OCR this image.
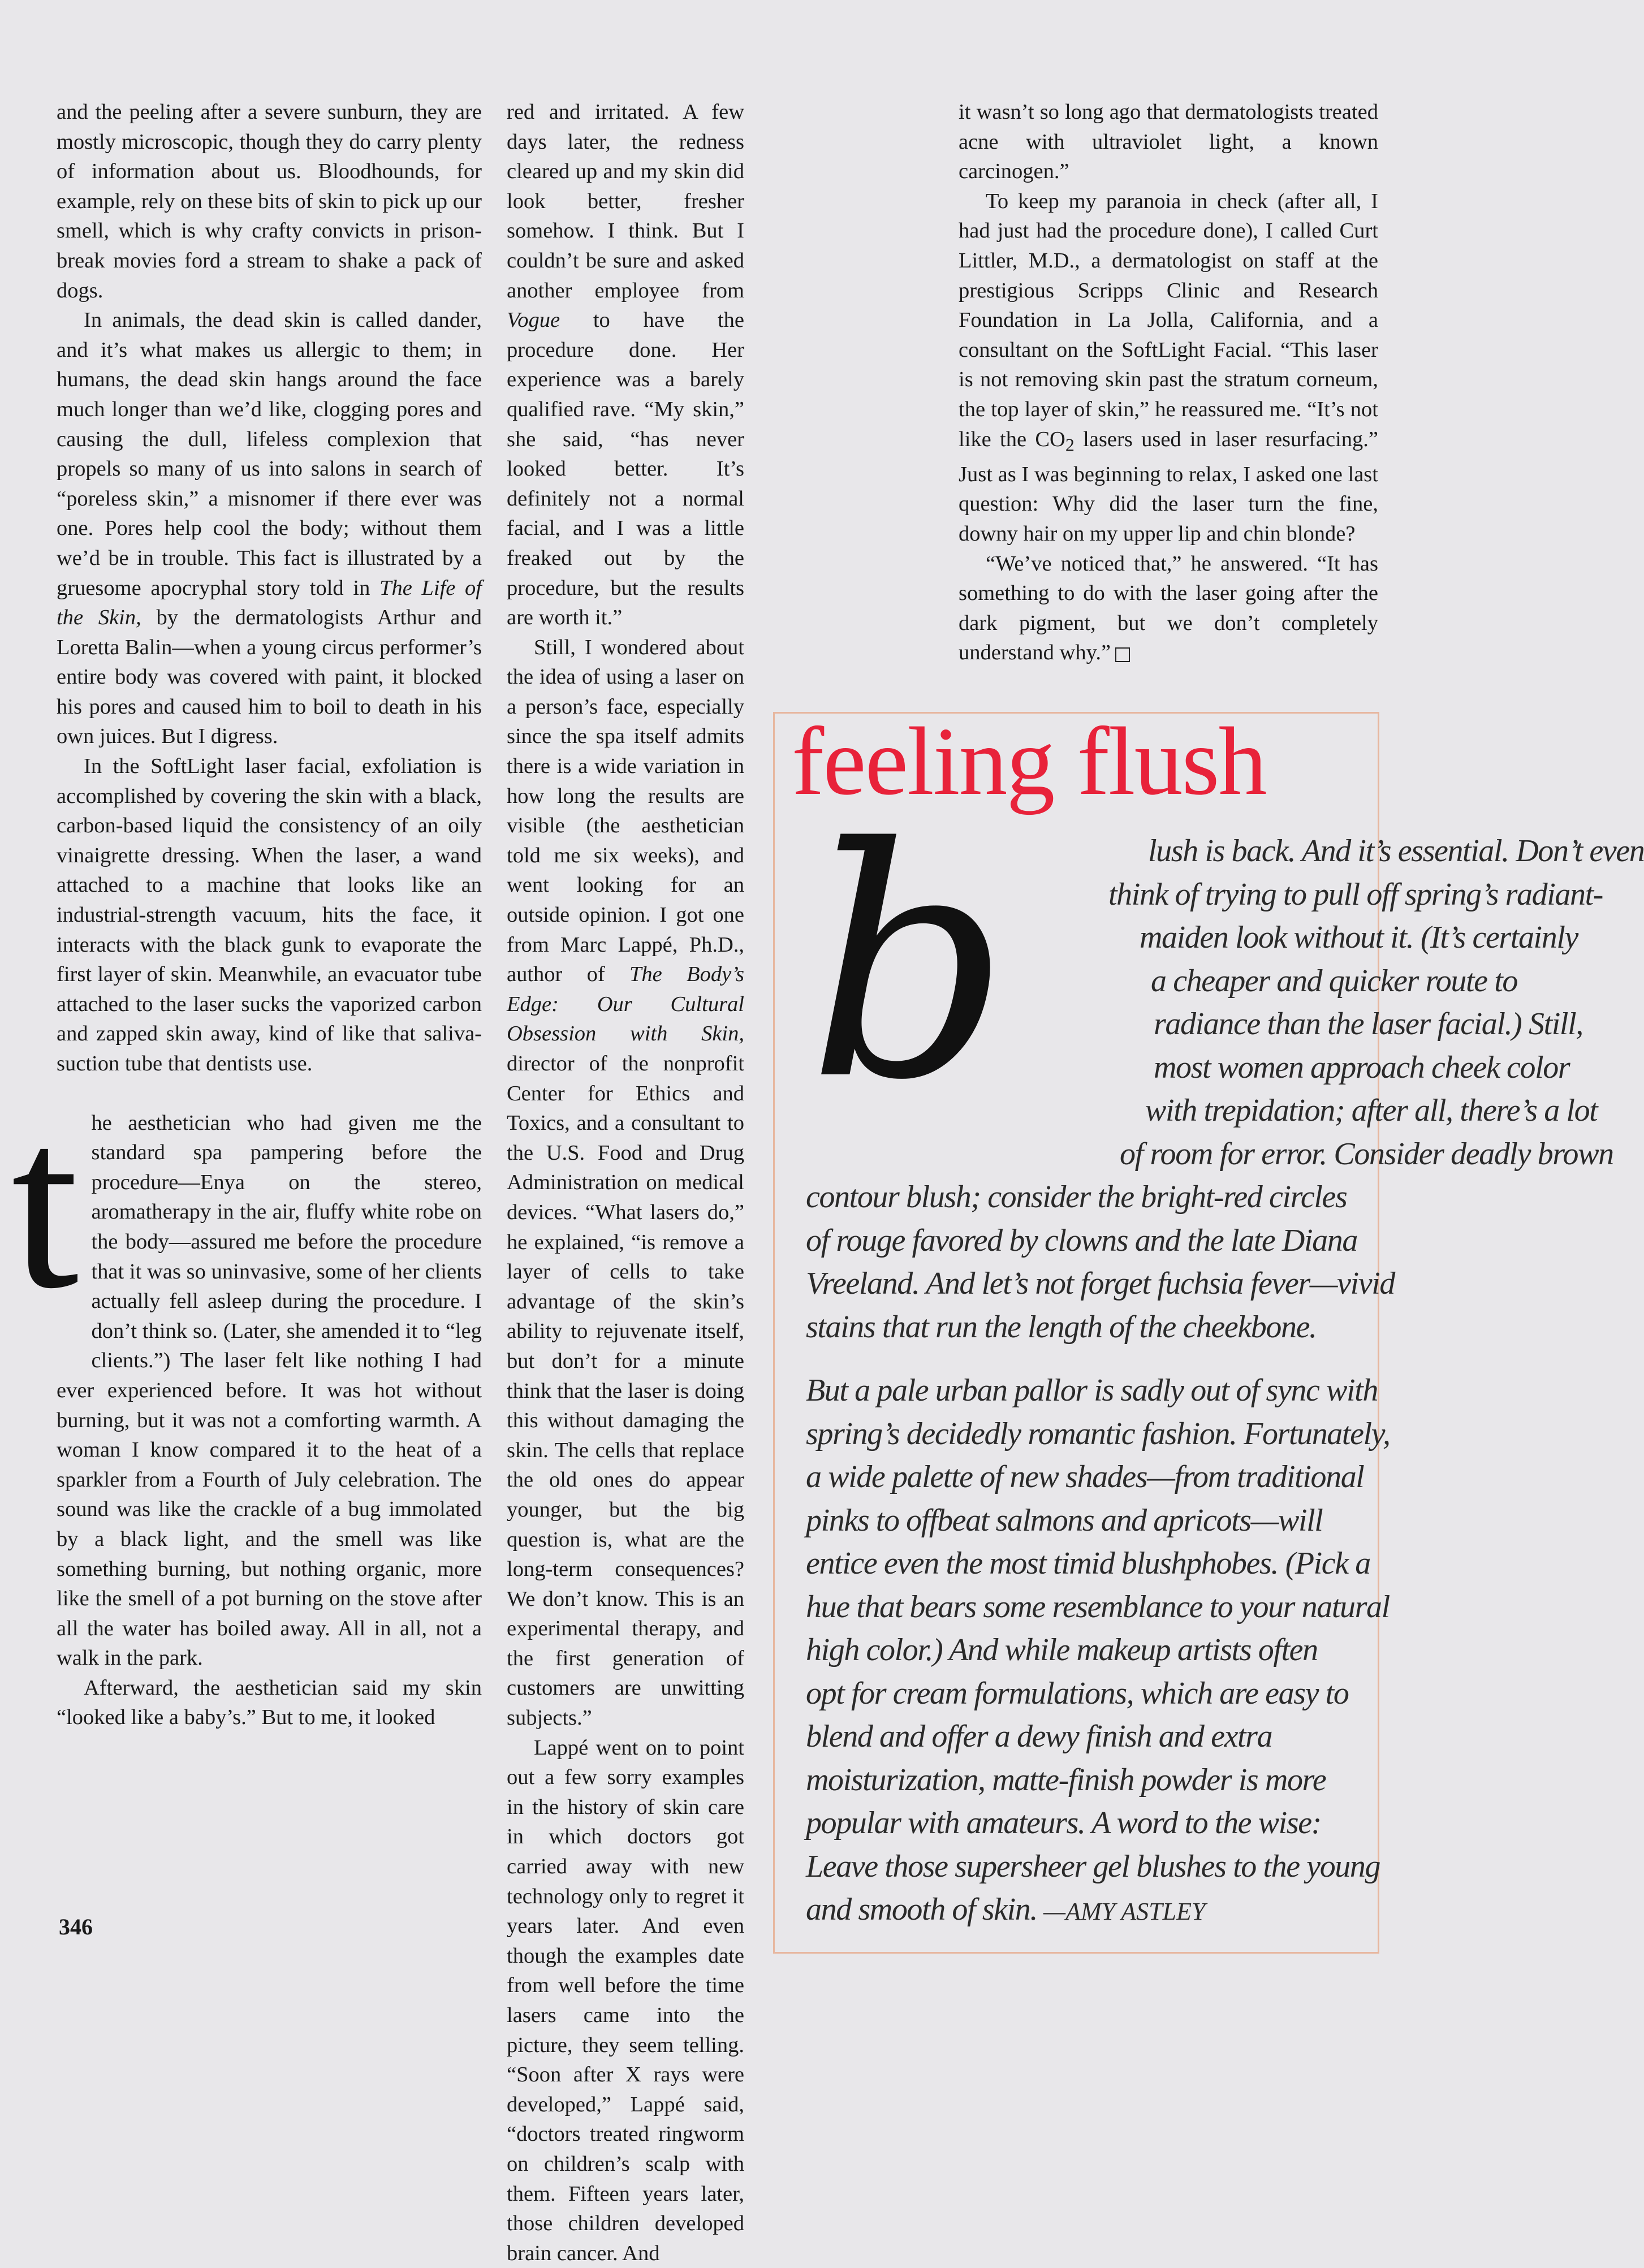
and the peeling after a severe sunburn, they are mostly microscopic, though they do carry plenty of information about us. Bloodhounds, for example, rely on these bits of skin to pick up our smell, which is why crafty convicts in prison-break movies ford a stream to shake a pack of dogs.

In animals, the dead skin is called dander, and it’s what makes us allergic to them; in humans, the dead skin hangs around the face much longer than we’d like, clogging pores and causing the dull, lifeless complexion that propels so many of us into salons in search of “poreless skin,” a misnomer if there ever was one. Pores help cool the body; without them we’d be in trouble. This fact is illustrated by a gruesome apocryphal story told in The Life of the Skin, by the dermatologists Arthur and Loretta Balin—when a young circus performer’s entire body was covered with paint, it blocked his pores and caused him to boil to death in his own juices. But I digress.

In the SoftLight laser facial, exfoliation is accomplished by covering the skin with a black, carbon-based liquid the consistency of an oily vinaigrette dressing. When the laser, a wand attached to a machine that looks like an industrial-strength vacuum, hits the face, it interacts with the black gunk to evaporate the first layer of skin. Meanwhile, an evacuator tube attached to the laser sucks the vaporized carbon and zapped skin away, kind of like that saliva-suction tube that dentists use.

the aesthetician who had given me the standard spa pampering before the procedure—Enya on the stereo, aromatherapy in the air, fluffy white robe on the body—assured me before the procedure that it was so uninvasive, some of her clients actually fell asleep during the procedure. I don’t think so. (Later, she amended it to “leg clients.”) The laser felt like nothing I had ever experienced before. It was hot without burning, but it was not a comforting warmth. A woman I know compared it to the heat of a sparkler from a Fourth of July celebration. The sound was like the crackle of a bug immolated by a black light, and the smell was like something burning, but nothing organic, more like the smell of a pot burning on the stove after all the water has boiled away. All in all, not a walk in the park.

Afterward, the aesthetician said my skin “looked like a baby’s.” But to me, it looked

red and irritated. A few days later, the redness cleared up and my skin did look better, fresher somehow. I think. But I couldn’t be sure and asked another employee from Vogue to have the procedure done. Her experience was a barely qualified rave. “My skin,” she said, “has never looked better. It’s definitely not a normal facial, and I was a little freaked out by the procedure, but the results are worth it.”

Still, I wondered about the idea of using a laser on a person’s face, especially since the spa itself admits there is a wide variation in how long the results are visible (the aesthetician told me six weeks), and went looking for an outside opinion. I got one from Marc Lappé, Ph.D., author of The Body’s Edge: Our Cultural Obsession with Skin, director of the nonprofit Center for Ethics and Toxics, and a consultant to the U.S. Food and Drug Administration on medical devices. “What lasers do,” he explained, “is remove a layer of cells to take advantage of the skin’s ability to rejuvenate itself, but don’t for a minute think that the laser is doing this without damaging the skin. The cells that replace the old ones do appear younger, but the big question is, what are the long-term consequences? We don’t know. This is an experimental therapy, and the first generation of customers are unwitting subjects.”

Lappé went on to point out a few sorry examples in the history of skin care in which doctors got carried away with new technology only to regret it years later. And even though the examples date from well before the time lasers came into the picture, they seem telling. “Soon after X rays were developed,” Lappé said, “doctors treated ringworm on children’s scalp with them. Fifteen years later, those children developed brain cancer. And

it wasn’t so long ago that dermatologists treated acne with ultraviolet light, a known carcinogen.”

To keep my paranoia in check (after all, I had just had the procedure done), I called Curt Littler, M.D., a dermatologist on staff at the prestigious Scripps Clinic and Research Foundation in La Jolla, California, and a consultant on the SoftLight Facial. “This laser is not removing skin past the stratum corneum, the top layer of skin,” he reassured me. “It’s not like the $CO_2$ lasers used in laser resurfacing.” Just as I was beginning to relax, I asked one last question: Why did the laser turn the fine, downy hair on my upper lip and chin blonde?

“We’ve noticed that,” he answered. “It has something to do with the laser going after the dark pigment, but we don’t completely understand why.”

feeling flush
b	lush is back. And it’s essential. Don’t even
think of trying to pull off spring’s radiant-
maiden look without it. (It’s certainly
a cheaper and quicker route to
radiance than the laser facial.) Still,
most women approach cheek color
with trepidation; after all, there’s a lot
of room for error. Consider deadly brown
contour blush; consider the bright-red circles
of rouge favored by clowns and the late Diana
Vreeland. And let’s not forget fuchsia fever—vivid
stains that run the length of the cheekbone.

But a pale urban pallor is sadly out of sync with
spring’s decidedly romantic fashion. Fortunately,
a wide palette of new shades—from traditional
pinks to offbeat salmons and apricots—will
entice even the most timid blushphobes. (Pick a
hue that bears some resemblance to your natural
high color.) And while makeup artists often
opt for cream formulations, which are easy to
blend and offer a dewy finish and extra
moisturization, matte-finish powder is more
popular with amateurs. A word to the wise:
Leave those supersheer gel blushes to the young
and smooth of skin. —AMY ASTLEY

346
